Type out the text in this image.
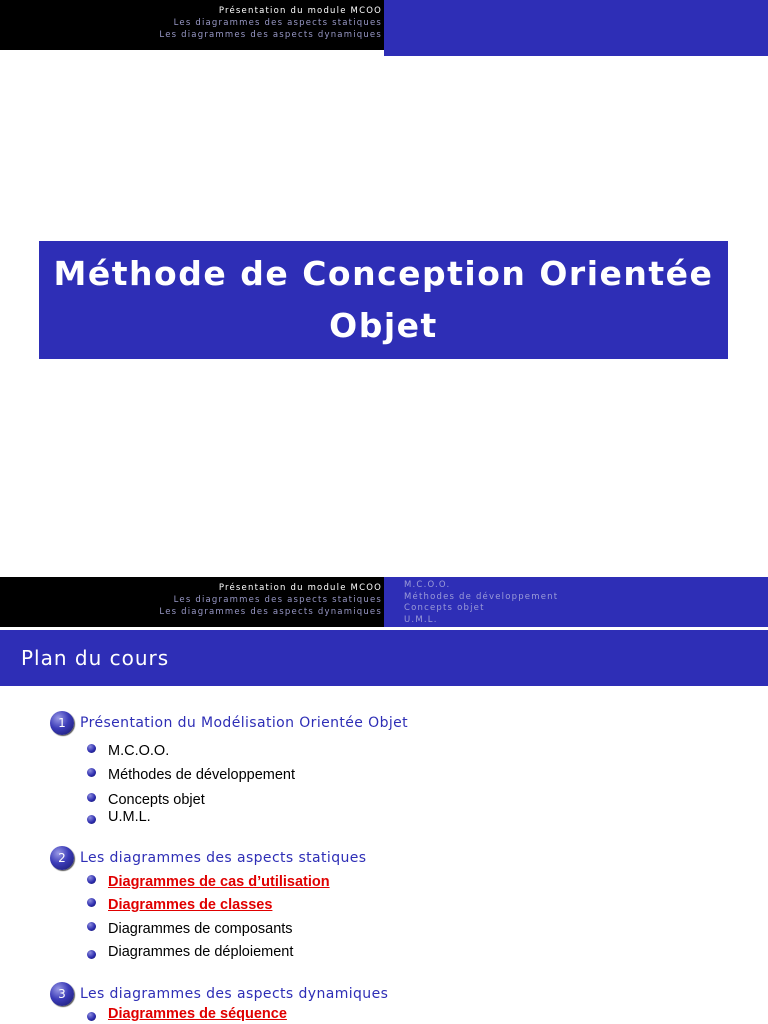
Présentation du module MCOO
Les diagrammes des aspects statiques
Les diagrammes des aspects dynamiques
Méthode de Conception Orientée
Objet
Présentation du module MCOO
Les diagrammes des aspects statiques
Les diagrammes des aspects dynamiques
M.C.O.O.
Méthodes de développement
Concepts objet
U.M.L.
Plan du cours
1	Présentation du Modélisation Orientée Objet
M.C.O.O.
Méthodes de développement
Concepts objet
U.M.L.
2	Les diagrammes des aspects statiques
Diagrammes de cas d’utilisation
Diagrammes de classes
Diagrammes de composants
Diagrammes de déploiement
3	Les diagrammes des aspects dynamiques
Diagrammes de séquence
